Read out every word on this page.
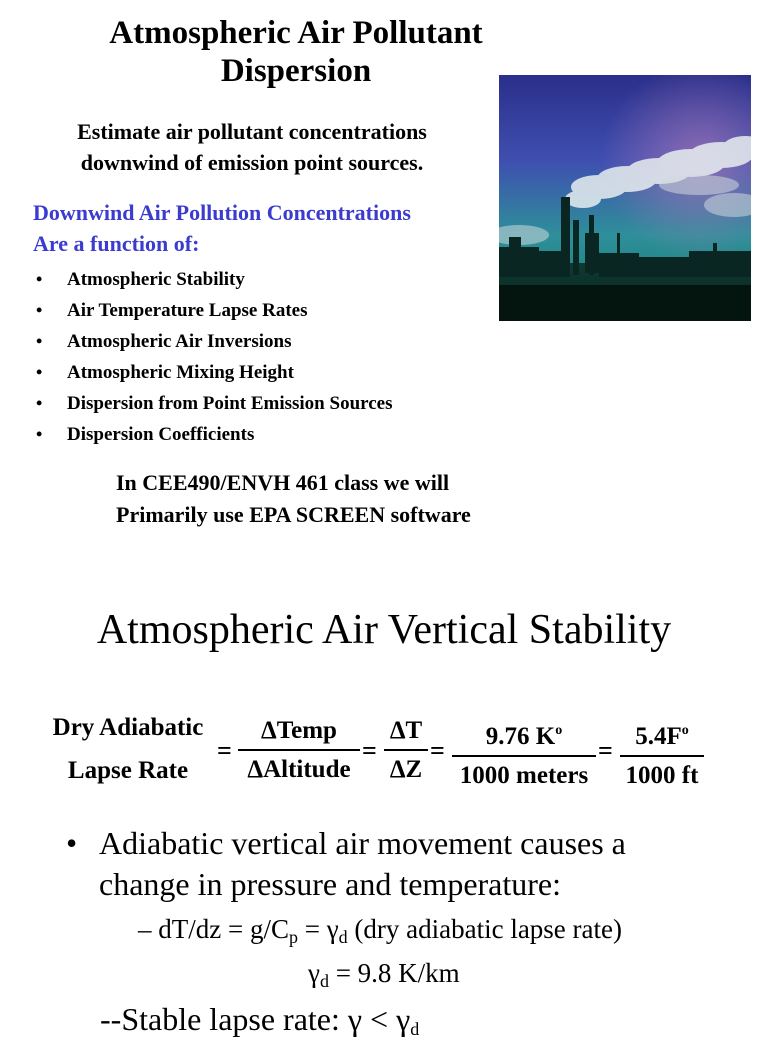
Atmospheric Air Pollutant Dispersion
Estimate air pollutant concentrations
downwind of emission point sources.
Downwind Air Pollution Concentrations
Are a function of:
• Atmospheric Stability
• Air Temperature Lapse Rates
• Atmospheric Air Inversions
• Atmospheric Mixing Height
• Dispersion from Point Emission Sources
• Dispersion Coefficients
In CEE490/ENVH 461 class we will
Primarily use EPA SCREEN software
Atmospheric Air Vertical Stability
Dry Adiabatic
Lapse Rate
=
ΔTemp
ΔAltitude
=
ΔT
ΔZ
=	9.76 $K^o$
1000 meters
= $5.4F^o$
1000 ft
• Adiabatic vertical air movement causes a
change in pressure and temperature:
– $dT/dz = g/C_p = \gamma_d$ (dry adiabatic lapse rate)
$\gamma_d = 9.8$ K/km
--Stable lapse rate: $\gamma < \gamma_d$
